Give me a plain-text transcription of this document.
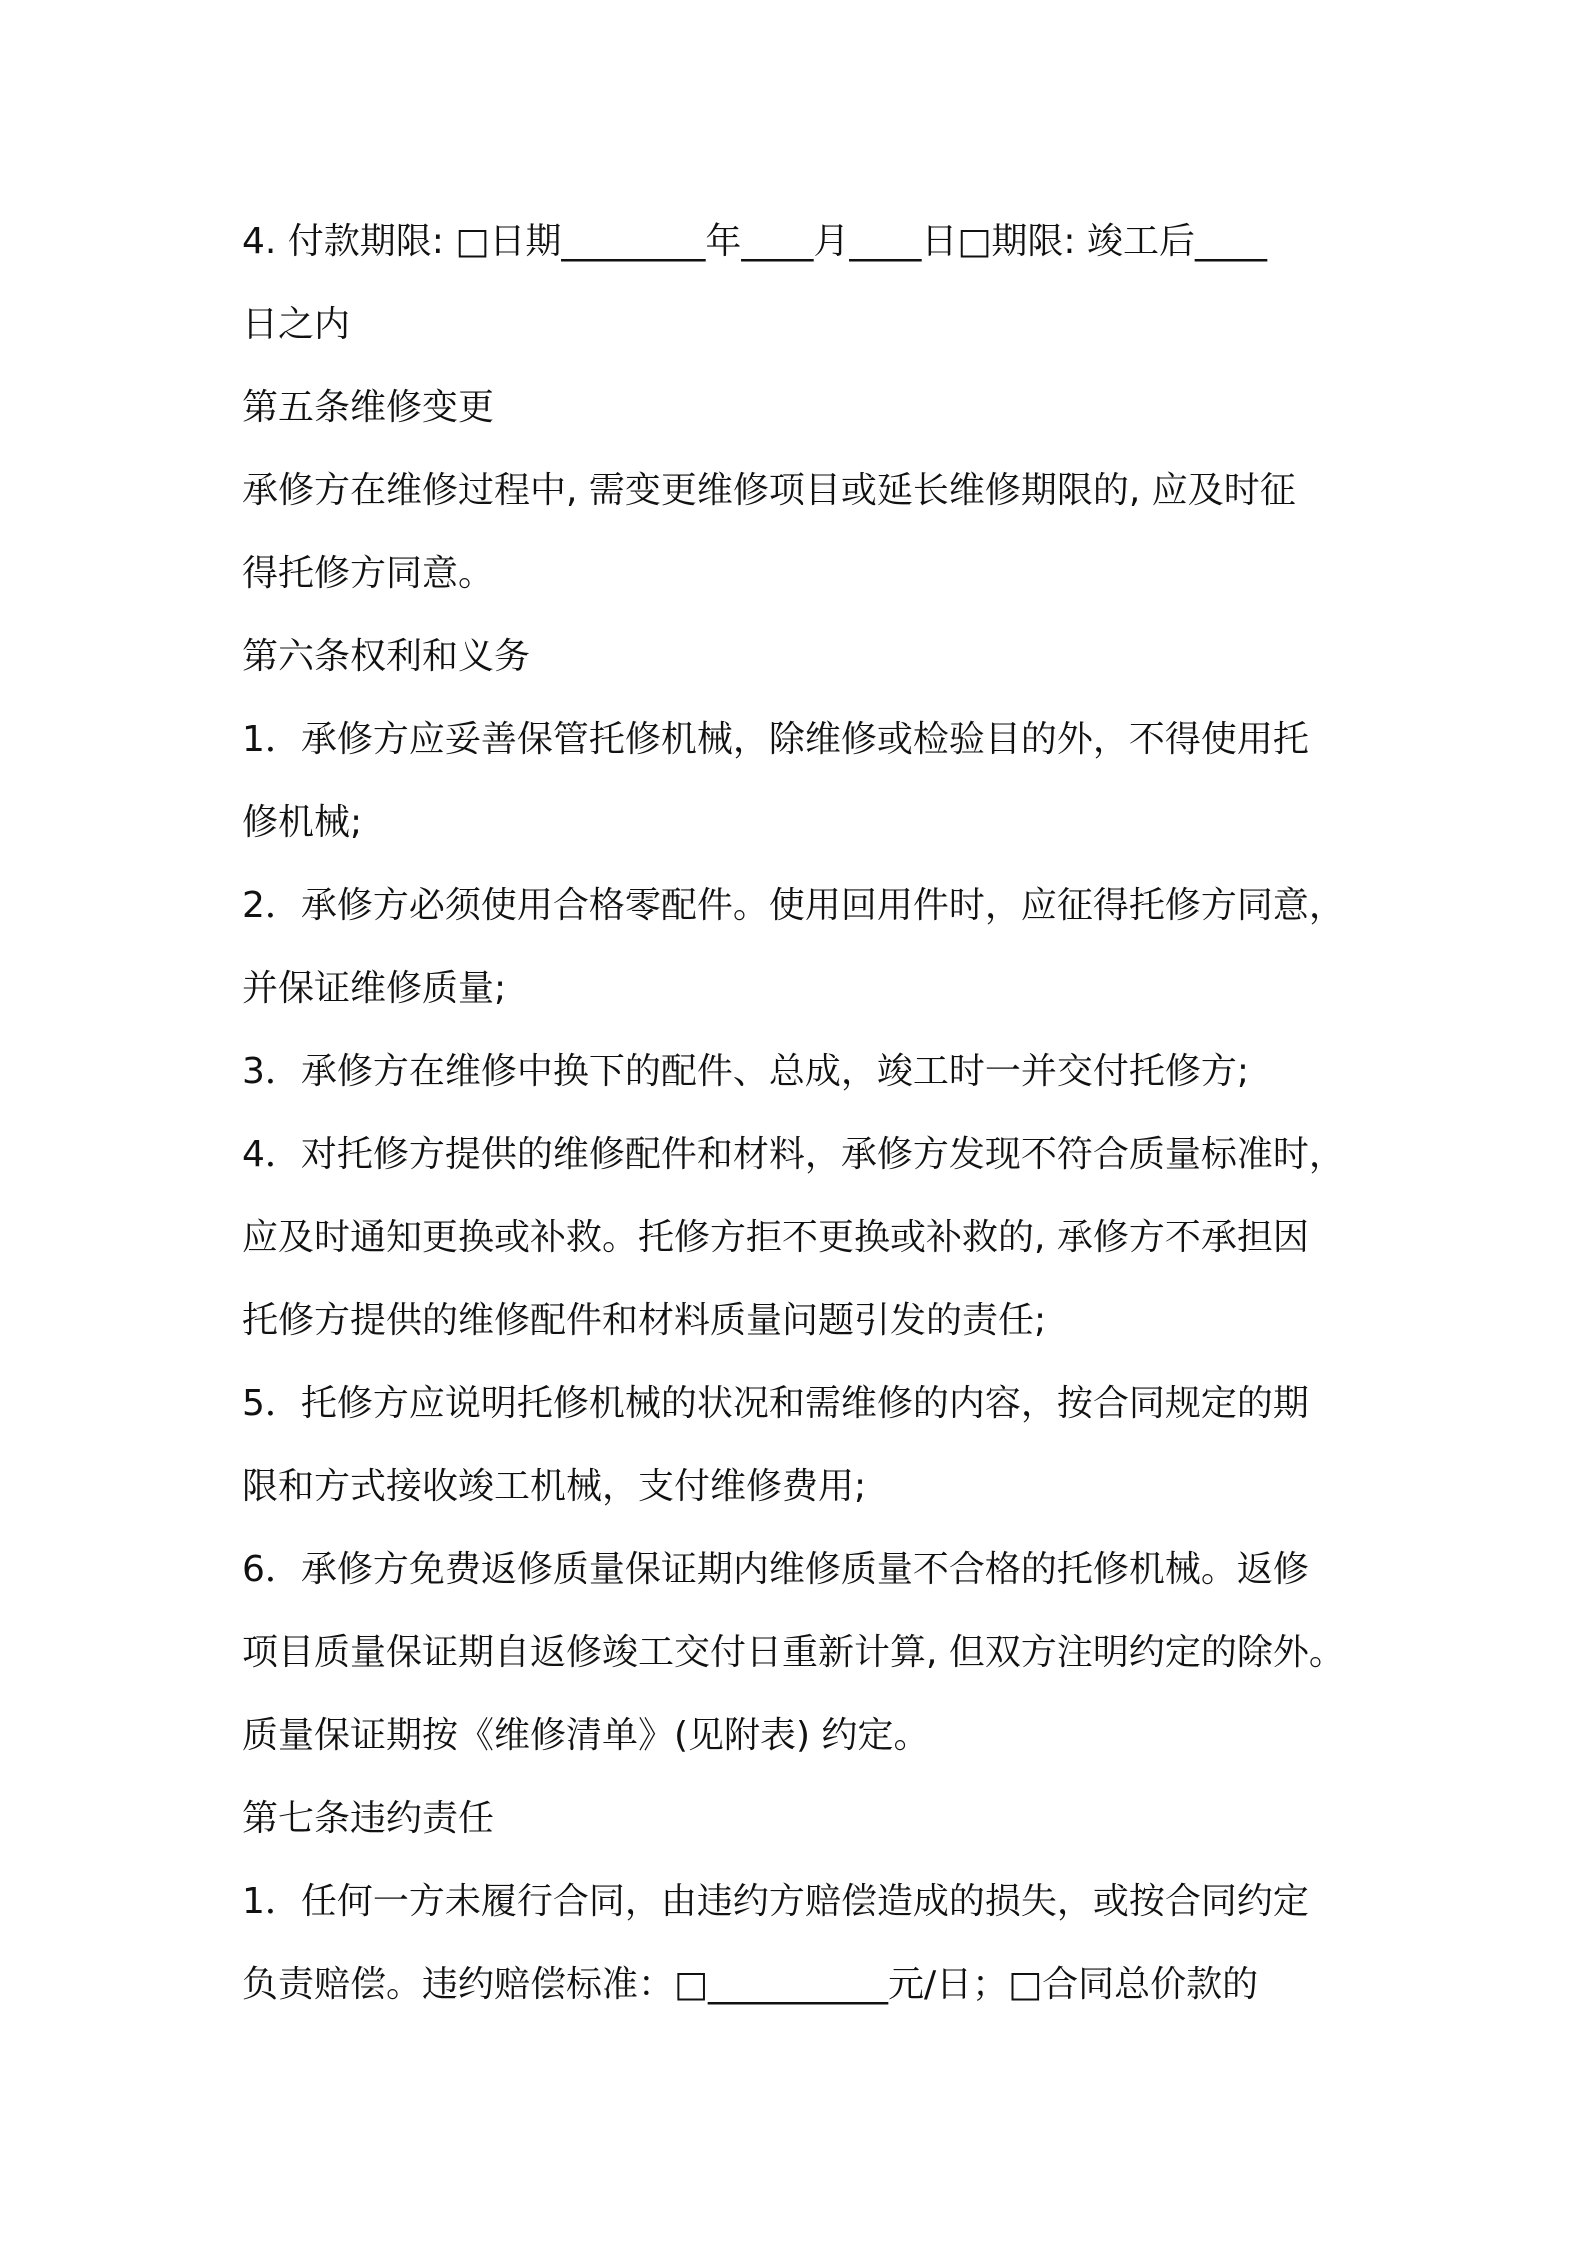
4. 付款期限: □日期________年____月____日□期限: 竣工后____
日之内
第五条维修变更
承修方在维修过程中, 需变更维修项目或延长维修期限的, 应及时征
得托修方同意。
第六条权利和义务
1．承修方应妥善保管托修机械，除维修或检验目的外，不得使用托
修机械;
2．承修方必须使用合格零配件。使用回用件时，应征得托修方同意，
并保证维修质量;
3．承修方在维修中换下的配件、总成，竣工时一并交付托修方;
4．对托修方提供的维修配件和材料，承修方发现不符合质量标准时，
应及时通知更换或补救。托修方拒不更换或补救的, 承修方不承担因
托修方提供的维修配件和材料质量问题引发的责任;
5．托修方应说明托修机械的状况和需维修的内容，按合同规定的期
限和方式接收竣工机械，支付维修费用;
6．承修方免费返修质量保证期内维修质量不合格的托修机械。返修
项目质量保证期自返修竣工交付日重新计算, 但双方注明约定的除外。
质量保证期按《维修清单》(见附表) 约定。
第七条违约责任
1．任何一方未履行合同，由违约方赔偿造成的损失，或按合同约定
负责赔偿。违约赔偿标准：□__________元/日；□合同总价款的
